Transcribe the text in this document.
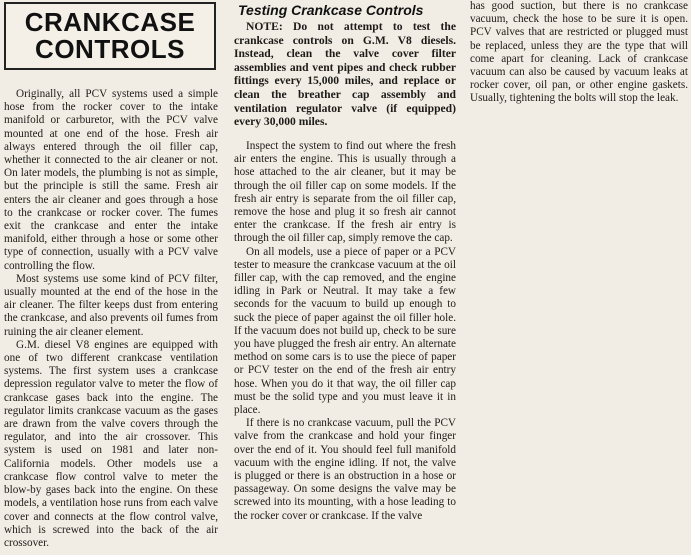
CRANKCASE
CONTROLS

Originally, all PCV systems used a simple hose from the rocker cover to the intake manifold or carburetor, with the PCV valve mounted at one end of the hose. Fresh air always entered through the oil filler cap, whether it connected to the air cleaner or not. On later models, the plumbing is not as simple, but the principle is still the same. Fresh air enters the air cleaner and goes through a hose to the crankcase or rocker cover. The fumes exit the crankcase and enter the intake manifold, either through a hose or some other type of connection, usually with a PCV valve controlling the flow.

Most systems use some kind of PCV filter, usually mounted at the end of the hose in the air cleaner. The filter keeps dust from entering the crankcase, and also prevents oil fumes from ruining the air cleaner element.

G.M. diesel V8 engines are equipped with one of two different crankcase ventilation systems. The first system uses a crankcase depression regulator valve to meter the flow of crankcase gases back into the engine. The regulator limits crankcase vacuum as the gases are drawn from the valve covers through the regulator, and into the air crossover. This system is used on 1981 and later non-California models. Other models use a crankcase flow control valve to meter the blow-by gases back into the engine. On these models, a ventilation hose runs from each valve cover and connects at the flow control valve, which is screwed into the back of the air crossover.

Testing Crankcase Controls

NOTE: Do not attempt to test the crankcase controls on G.M. V8 diesels. Instead, clean the valve cover filter assemblies and vent pipes and check rubber fittings every 15,000 miles, and replace or clean the breather cap assembly and ventilation regulator valve (if equipped) every 30,000 miles.

Inspect the system to find out where the fresh air enters the engine. This is usually through a hose attached to the air cleaner, but it may be through the oil filler cap on some models. If the fresh air entry is separate from the oil filler cap, remove the hose and plug it so fresh air cannot enter the crankcase. If the fresh air entry is through the oil filler cap, simply remove the cap.

On all models, use a piece of paper or a PCV tester to measure the crankcase vacuum at the oil filler cap, with the cap removed, and the engine idling in Park or Neutral. It may take a few seconds for the vacuum to build up enough to suck the piece of paper against the oil filler hole. If the vacuum does not build up, check to be sure you have plugged the fresh air entry. An alternate method on some cars is to use the piece of paper or PCV tester on the end of the fresh air entry hose. When you do it that way, the oil filler cap must be the solid type and you must leave it in place.

If there is no crankcase vacuum, pull the PCV valve from the crankcase and hold your finger over the end of it. You should feel full manifold vacuum with the engine idling. If not, the valve is plugged or there is an obstruction in a hose or passageway. On some designs the valve may be screwed into its mounting, with a hose leading to the rocker cover or crankcase. If the valve

has good suction, but there is no crankcase vacuum, check the hose to be sure it is open. PCV valves that are restricted or plugged must be replaced, unless they are the type that will come apart for cleaning. Lack of crankcase vacuum can also be caused by vacuum leaks at rocker cover, oil pan, or other engine gaskets. Usually, tightening the bolts will stop the leak.
